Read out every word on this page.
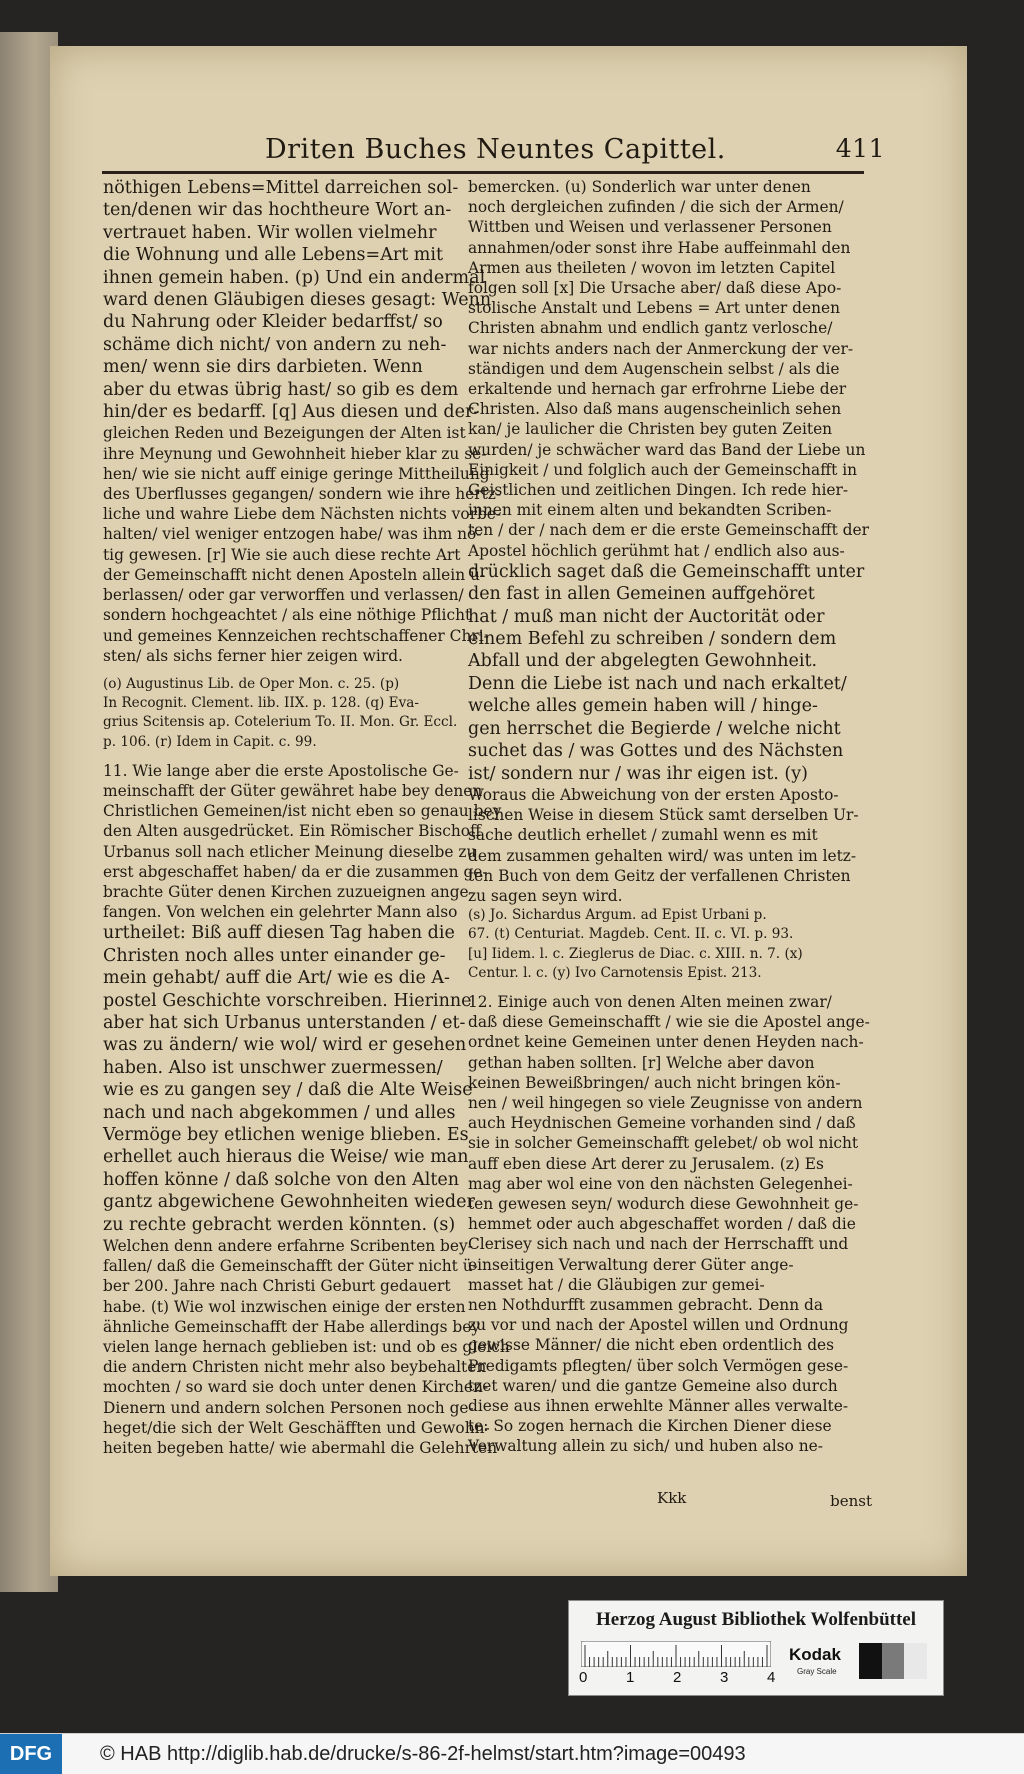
Driten Buches Neuntes Capittel.	411

nöthigen Lebens=Mittel darreichen sol-

ten/denen wir das hochtheure Wort an-

vertrauet haben. Wir wollen vielmehr

die Wohnung und alle Lebens=Art mit

ihnen gemein haben. (p) Und ein andermal

ward denen Gläubigen dieses gesagt: Wenn

du Nahrung oder Kleider bedarffst/ so

schäme dich nicht/ von andern zu neh-

men/ wenn sie dirs darbieten. Wenn

aber du etwas übrig hast/ so gib es dem

hin/der es bedarff. [q] Aus diesen und der-

gleichen Reden und Bezeigungen der Alten ist

ihre Meynung und Gewohnheit hieber klar zu se-

hen/ wie sie nicht auff einige geringe Mittheilung

des Uberflusses gegangen/ sondern wie ihre hertz-

liche und wahre Liebe dem Nächsten nichts vorbe-

halten/ viel weniger entzogen habe/ was ihm nö-

tig gewesen. [r] Wie sie auch diese rechte Art

der Gemeinschafft nicht denen Aposteln allein ü-

berlassen/ oder gar verworffen und verlassen/

sondern hochgeachtet / als eine nöthige Pflicht

und gemeines Kennzeichen rechtschaffener Chri-

sten/ als sichs ferner hier zeigen wird.

(o) Augustinus Lib. de Oper Mon. c. 25. (p)

In Recognit. Clement. lib. IIX. p. 128. (q) Eva-

grius Scitensis ap. Cotelerium To. II. Mon. Gr. Eccl.

p. 106. (r) Idem in Capit. c. 99.

11. Wie lange aber die erste Apostolische Ge-

meinschafft der Güter gewähret habe bey denen

Christlichen Gemeinen/ist nicht eben so genau bey

den Alten ausgedrücket. Ein Römischer Bischoff

Urbanus soll nach etlicher Meinung dieselbe zu

erst abgeschaffet haben/ da er die zusammen ge-

brachte Güter denen Kirchen zuzueignen ange-

fangen. Von welchen ein gelehrter Mann also

urtheilet: Biß auff diesen Tag haben die

Christen noch alles unter einander ge-

mein gehabt/ auff die Art/ wie es die A-

postel Geschichte vorschreiben. Hierinne

aber hat sich Urbanus unterstanden / et-

was zu ändern/ wie wol/ wird er gesehen

haben. Also ist unschwer zuermessen/

wie es zu gangen sey / daß die Alte Weise

nach und nach abgekommen / und alles

Vermöge bey etlichen wenige blieben. Es

erhellet auch hieraus die Weise/ wie man

hoffen könne / daß solche von den Alten

gantz abgewichene Gewohnheiten wieder

zu rechte gebracht werden könnten. (s)

Welchen denn andere erfahrne Scribenten bey-

fallen/ daß die Gemeinschafft der Güter nicht ü-

ber 200. Jahre nach Christi Geburt gedauert

habe. (t) Wie wol inzwischen einige der ersten

ähnliche Gemeinschafft der Habe allerdings bey

vielen lange hernach geblieben ist: und ob es gleich

die andern Christen nicht mehr also beybehalten

mochten / so ward sie doch unter denen Kirchen-

Dienern und andern solchen Personen noch ge-

heget/die sich der Welt Geschäfften und Gewohn-

heiten begeben hatte/ wie abermahl die Gelehrten

bemercken. (u) Sonderlich war unter denen

noch dergleichen zufinden / die sich der Armen/

Wittben und Weisen und verlassener Personen

annahmen/oder sonst ihre Habe auffeinmahl den

Armen aus theileten / wovon im letzten Capitel

folgen soll [x] Die Ursache aber/ daß diese Apo-

stolische Anstalt und Lebens = Art unter denen

Christen abnahm und endlich gantz verlosche/

war nichts anders nach der Anmerckung der ver-

ständigen und dem Augenschein selbst / als die

erkaltende und hernach gar erfrohrne Liebe der

Christen. Also daß mans augenscheinlich sehen

kan/ je laulicher die Christen bey guten Zeiten

wurden/ je schwächer ward das Band der Liebe un

Einigkeit / und folglich auch der Gemeinschafft in

Geistlichen und zeitlichen Dingen. Ich rede hier-

innen mit einem alten und bekandten Scriben-

ten / der / nach dem er die erste Gemeinschafft der

Apostel höchlich gerühmt hat / endlich also aus-

drücklich saget daß die Gemeinschafft unter

den fast in allen Gemeinen auffgehöret

hat / muß man nicht der Auctorität oder

einem Befehl zu schreiben / sondern dem

Abfall und der abgelegten Gewohnheit.

Denn die Liebe ist nach und nach erkaltet/

welche alles gemein haben will / hinge-

gen herrschet die Begierde / welche nicht

suchet das / was Gottes und des Nächsten

ist/ sondern nur / was ihr eigen ist. (y)

Woraus die Abweichung von der ersten Aposto-

lischen Weise in diesem Stück samt derselben Ur-

sache deutlich erhellet / zumahl wenn es mit

dem zusammen gehalten wird/ was unten im letz-

ten Buch von dem Geitz der verfallenen Christen

zu sagen seyn wird.

(s) Jo. Sichardus Argum. ad Epist Urbani p.

67. (t) Centuriat. Magdeb. Cent. II. c. VI. p. 93.

[u] Iidem. l. c. Zieglerus de Diac. c. XIII. n. 7. (x)

Centur. l. c. (y) Ivo Carnotensis Epist. 213.

12. Einige auch von denen Alten meinen zwar/

daß diese Gemeinschafft / wie sie die Apostel ange-

ordnet keine Gemeinen unter denen Heyden nach-

gethan haben sollten. [r] Welche aber davon

keinen Beweißbringen/ auch nicht bringen kön-

nen / weil hingegen so viele Zeugnisse von andern

auch Heydnischen Gemeine vorhanden sind / daß

sie in solcher Gemeinschafft gelebet/ ob wol nicht

auff eben diese Art derer zu Jerusalem. (z) Es

mag aber wol eine von den nächsten Gelegenhei-

ten gewesen seyn/ wodurch diese Gewohnheit ge-

hemmet oder auch abgeschaffet worden / daß die

Clerisey sich nach und nach der Herrschafft und

einseitigen Verwaltung derer Güter ange-

masset hat / die Gläubigen zur gemei-

nen Nothdurfft zusammen gebracht. Denn da

zu vor und nach der Apostel willen und Ordnung

gewisse Männer/ die nicht eben ordentlich des

Predigamts pflegten/ über solch Vermögen gese-

tzet waren/ und die gantze Gemeine also durch

diese aus ihnen erwehlte Männer alles verwalte-

te: So zogen hernach die Kirchen Diener diese

Verwaltung allein zu sich/ und huben also ne-

Kkk	benst
Herzog August Bibliothek Wolfenbüttel
0	1	2	3	4
Kodak
Gray Scale
DFG	© HAB http://diglib.hab.de/drucke/s-86-2f-helmst/start.htm?image=00493
